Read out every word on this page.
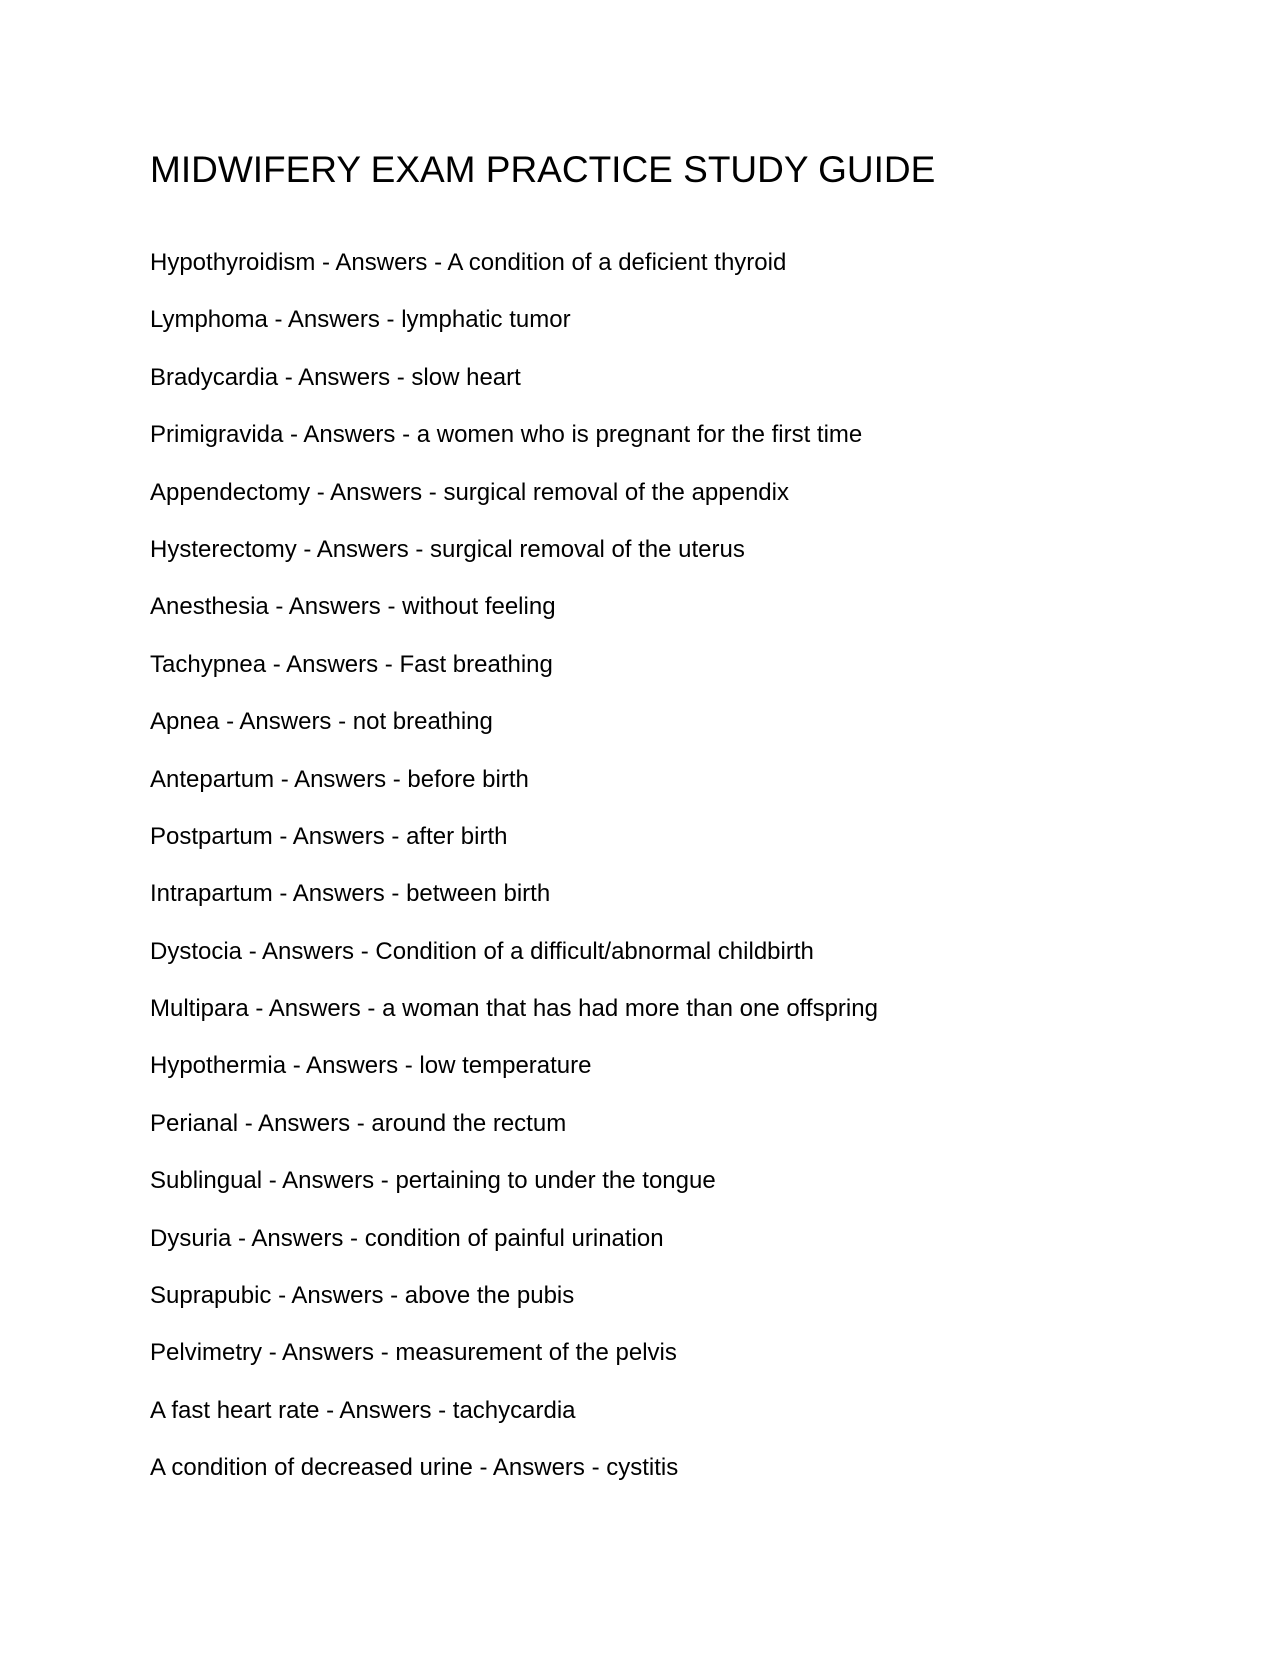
MIDWIFERY EXAM PRACTICE STUDY GUIDE
Hypothyroidism - Answers - A condition of a deficient thyroid
Lymphoma - Answers - lymphatic tumor
Bradycardia - Answers - slow heart
Primigravida - Answers - a women who is pregnant for the first time
Appendectomy - Answers - surgical removal of the appendix
Hysterectomy - Answers - surgical removal of the uterus
Anesthesia - Answers - without feeling
Tachypnea - Answers - Fast breathing
Apnea - Answers - not breathing
Antepartum - Answers - before birth
Postpartum - Answers - after birth
Intrapartum - Answers - between birth
Dystocia - Answers - Condition of a difficult/abnormal childbirth
Multipara - Answers - a woman that has had more than one offspring
Hypothermia - Answers - low temperature
Perianal - Answers - around the rectum
Sublingual - Answers - pertaining to under the tongue
Dysuria - Answers - condition of painful urination
Suprapubic - Answers - above the pubis
Pelvimetry - Answers - measurement of the pelvis
A fast heart rate - Answers - tachycardia
A condition of decreased urine - Answers - cystitis
